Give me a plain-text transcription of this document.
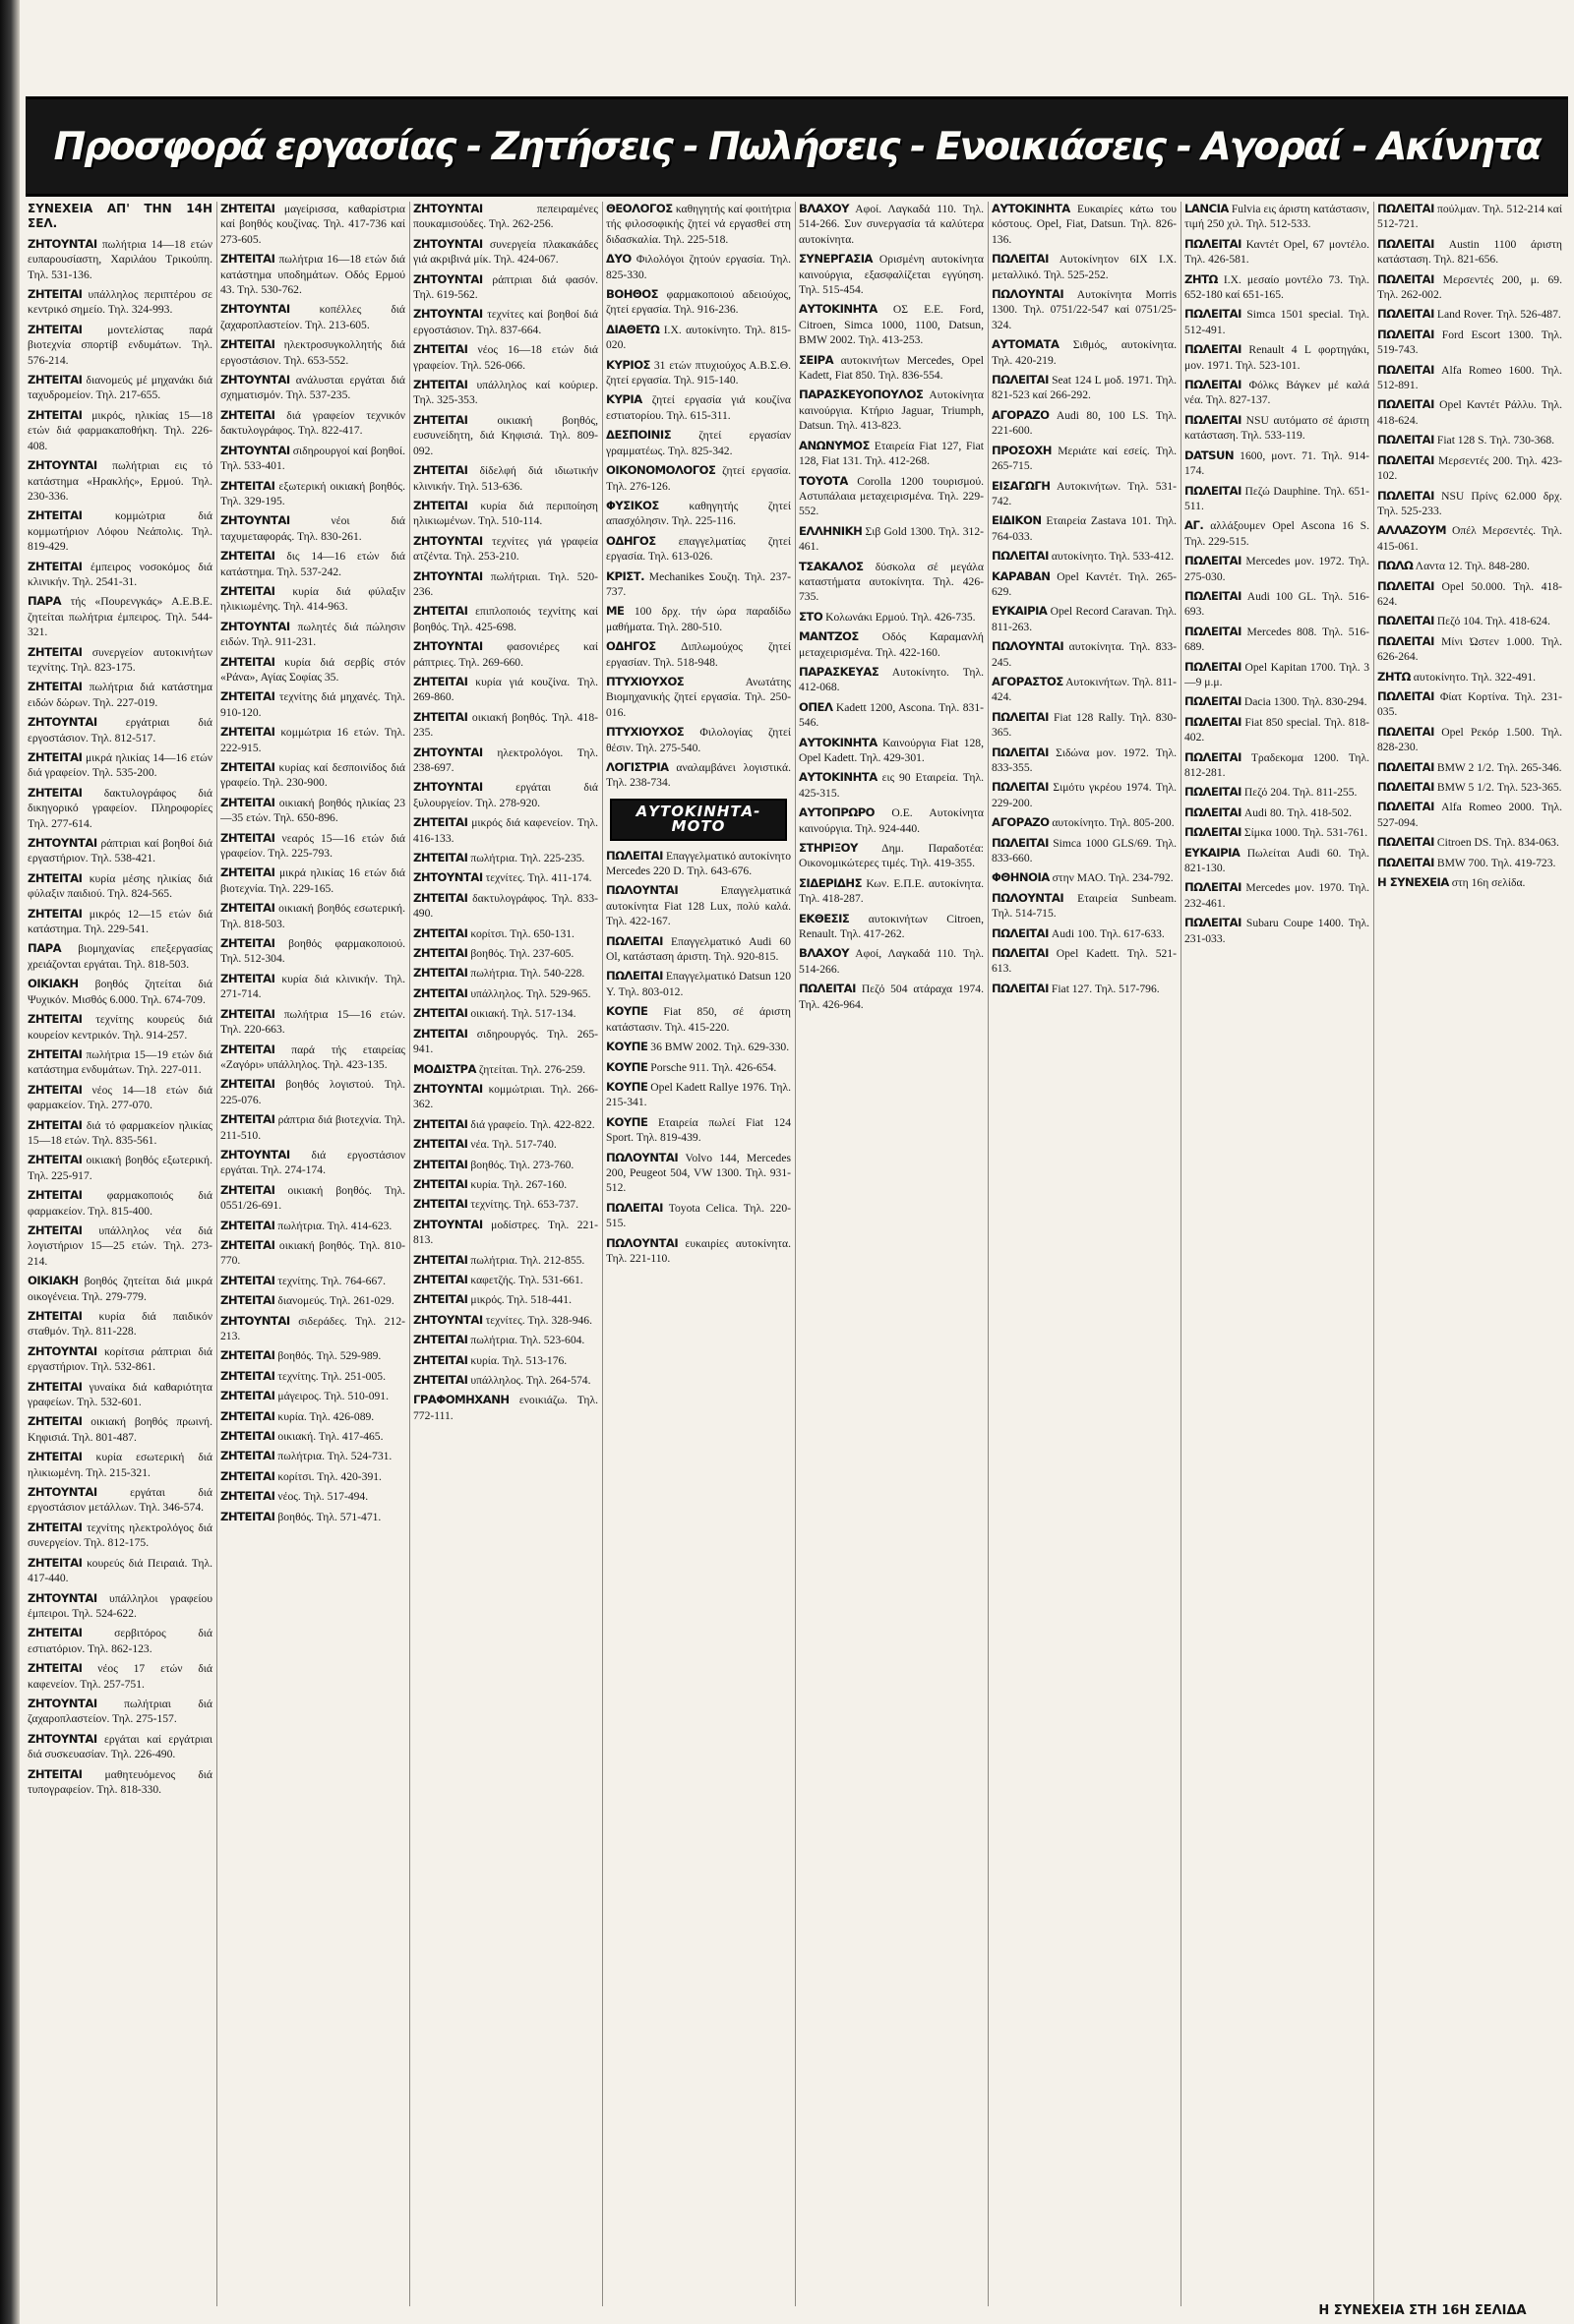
Προσφορά εργασίας - Ζητήσεις - Πωλήσεις - Ενοικιάσεις - Αγοραί - Ακίνητα
ΣΥΝΕΧΕΙΑ ΑΠ' ΤΗΝ 14Η ΣΕΛ.
ΖΗΤΟΥΝΤΑΙ πωλήτρια 14—18 ετών ευπαρουσίαστη, Χαριλάου Τρικούπη. Τηλ. 531-136.
ΖΗΤΕΙΤΑΙ υπάλληλος περιπτέρου σε κεντρικό σημείο. Τηλ. 324-993.
ΖΗΤΕΙΤΑΙ μοντελίστας παρά βιοτεχνία σπορτίβ ενδυμάτων. Τηλ. 576-214.
ΖΗΤΕΙΤΑΙ διανομεύς μέ μηχανάκι διά ταχυδρομείον. Τηλ. 217-655.
ΖΗΤΕΙΤΑΙ μικρός, ηλικίας 15—18 ετών διά φαρμακαποθήκη. Τηλ. 226-408.
ΖΗΤΟΥΝΤΑΙ πωλήτριαι εις τό κατάστημα «Ηρακλής», Ερμού. Τηλ. 230-336.
ΖΗΤΕΙΤΑΙ	κομμώτρια διά κομμωτήριον Λόφου Νεάπολις. Τηλ. 819-429.
ΖΗΤΕΙΤΑΙ έμπειρος νοσοκόμος διά κλινικήν. Τηλ. 2541-31.
ΠΑΡΑ τής «Πουρενγκάς» Α.Ε.Β.Ε. ζητείται πωλήτρια έμπειρος. Τηλ. 544-321.
ΖΗΤΕΙΤΑΙ συνεργείον αυτοκινήτων τεχνίτης. Τηλ. 823-175.
ΖΗΤΕΙΤΑΙ πωλήτρια διά κατάστημα ειδών δώρων. Τηλ. 227-019.
ΖΗΤΟΥΝΤΑΙ	εργάτριαι διά εργοστάσιον. Τηλ. 812-517.
ΖΗΤΕΙΤΑΙ μικρά ηλικίας 14—16 ετών διά γραφείον. Τηλ. 535-200.
ΖΗΤΕΙΤΑΙ δακτυλογράφος διά δικηγορικό γραφείον. Πληροφορίες Τηλ. 277-614.
ΖΗΤΟΥΝΤΑΙ ράπτριαι καί βοηθοί διά εργαστήριον. Τηλ. 538-421.
ΖΗΤΕΙΤΑΙ κυρία μέσης ηλικίας διά φύλαξιν παιδιού. Τηλ. 824-565.
ΖΗΤΕΙΤΑΙ μικρός 12—15 ετών διά κατάστημα. Τηλ. 229-541.
ΠΑΡΑ βιομηχανίας επεξεργασίας χρειάζονται εργάται. Τηλ. 818-503.
ΟΙΚΙΑΚΗ βοηθός ζητείται διά Ψυχικόν. Μισθός 6.000. Τηλ. 674-709.
ΖΗΤΕΙΤΑΙ τεχνίτης κουρεύς διά κουρείον κεντρικόν. Τηλ. 914-257.
ΖΗΤΕΙΤΑΙ πωλήτρια 15—19 ετών διά κατάστημα ενδυμάτων. Τηλ. 227-011.
ΖΗΤΕΙΤΑΙ νέος 14—18 ετών διά φαρμακείον. Τηλ. 277-070.
ΖΗΤΕΙΤΑΙ διά τό φαρμακείον ηλικίας 15—18 ετών. Τηλ. 835-561.
ΖΗΤΕΙΤΑΙ οικιακή βοηθός εξωτερική. Τηλ. 225-917.
ΖΗΤΕΙΤΑΙ φαρμακοποιός διά φαρμακείον. Τηλ. 815-400.
ΖΗΤΕΙΤΑΙ υπάλληλος νέα διά λογιστήριον 15—25 ετών. Τηλ. 273-214.
ΟΙΚΙΑΚΗ βοηθός ζητείται διά μικρά οικογένεια. Τηλ. 279-779.
ΖΗΤΕΙΤΑΙ κυρία διά παιδικόν σταθμόν. Τηλ. 811-228.
ΖΗΤΟΥΝΤΑΙ κορίτσια ράπτριαι διά εργαστήριον. Τηλ. 532-861.
ΖΗΤΕΙΤΑΙ γυναίκα διά καθαριότητα γραφείων. Τηλ. 532-601.
ΖΗΤΕΙΤΑΙ οικιακή βοηθός πρωινή. Κηφισιά. Τηλ. 801-487.
ΖΗΤΕΙΤΑΙ κυρία εσωτερική διά ηλικιωμένη. Τηλ. 215-321.
ΖΗΤΟΥΝΤΑΙ	εργάται διά εργοστάσιον μετάλλων. Τηλ. 346-574.
ΖΗΤΕΙΤΑΙ τεχνίτης ηλεκτρολόγος διά συνεργείον. Τηλ. 812-175.
ΖΗΤΕΙΤΑΙ κουρεύς διά Πειραιά. Τηλ. 417-440.
ΖΗΤΟΥΝΤΑΙ υπάλληλοι γραφείου έμπειροι. Τηλ. 524-622.
ΖΗΤΕΙΤΑΙ	σερβιτόρος διά εστιατόριον. Τηλ. 862-123.
ΖΗΤΕΙΤΑΙ νέος 17 ετών διά καφενείον. Τηλ. 257-751.
ΖΗΤΟΥΝΤΑΙ πωλήτριαι διά ζαχαροπλαστείον. Τηλ. 275-157.
ΖΗΤΟΥΝΤΑΙ εργάται καί εργάτριαι διά συσκευασίαν. Τηλ. 226-490.
ΖΗΤΕΙΤΑΙ μαθητευόμενος διά τυπογραφείον. Τηλ. 818-330.
ΖΗΤΕΙΤΑΙ μαγείρισσα, καθαρίστρια καί βοηθός κουζίνας. Τηλ. 417-736 καί 273-605.
ΖΗΤΕΙΤΑΙ πωλήτρια 16—18 ετών διά κατάστημα υποδημάτων. Οδός Ερμού 43. Τηλ. 530-762.
ΖΗΤΟΥΝΤΑΙ	κοπέλλες διά ζαχαροπλαστείον. Τηλ. 213-605.
ΖΗΤΕΙΤΑΙ ηλεκτροσυγκολλητής διά εργοστάσιον. Τηλ. 653-552.
ΖΗΤΟΥΝΤΑΙ ανάλυσται εργάται διά σχηματισμόν. Τηλ. 537-235.
ΖΗΤΕΙΤΑΙ διά γραφείον τεχνικόν δακτυλογράφος. Τηλ. 822-417.
ΖΗΤΟΥΝΤΑΙ σιδηρουργοί καί βοηθοί. Τηλ. 533-401.
ΖΗΤΕΙΤΑΙ εξωτερική οικιακή βοηθός. Τηλ. 329-195.
ΖΗΤΟΥΝΤΑΙ	νέοι διά ταχυμεταφοράς. Τηλ. 830-261.
ΖΗΤΕΙΤΑΙ δις 14—16 ετών διά κατάστημα. Τηλ. 537-242.
ΖΗΤΕΙΤΑΙ κυρία διά φύλαξιν ηλικιωμένης. Τηλ. 414-963.
ΖΗΤΟΥΝΤΑΙ πωλητές διά πώλησιν ειδών. Τηλ. 911-231.
ΖΗΤΕΙΤΑΙ κυρία διά σερβίς στόν «Ράνα», Αγίας Σοφίας 35.
ΖΗΤΕΙΤΑΙ τεχνίτης διά μηχανές. Τηλ. 910-120.
ΖΗΤΕΙΤΑΙ κομμώτρια 16 ετών. Τηλ. 222-915.
ΖΗΤΕΙΤΑΙ κυρίας καί δεσποινίδος διά γραφείο. Τηλ. 230-900.
ΖΗΤΕΙΤΑΙ οικιακή βοηθός ηλικίας 23—35 ετών. Τηλ. 650-896.
ΖΗΤΕΙΤΑΙ νεαρός 15—16 ετών διά γραφείον. Τηλ. 225-793.
ΖΗΤΕΙΤΑΙ μικρά ηλικίας 16 ετών διά βιοτεχνία. Τηλ. 229-165.
ΖΗΤΕΙΤΑΙ οικιακή βοηθός εσωτερική. Τηλ. 818-503.
ΖΗΤΕΙΤΑΙ βοηθός φαρμακοποιού. Τηλ. 512-304.
ΖΗΤΕΙΤΑΙ κυρία διά κλινικήν. Τηλ. 271-714.
ΖΗΤΕΙΤΑΙ πωλήτρια 15—16 ετών. Τηλ. 220-663.
ΖΗΤΕΙΤΑΙ παρά τής εταιρείας «Ζαγόρι» υπάλληλος. Τηλ. 423-135.
ΖΗΤΕΙΤΑΙ βοηθός λογιστού. Τηλ. 225-076.
ΖΗΤΕΙΤΑΙ ράπτρια διά βιοτεχνία. Τηλ. 211-510.
ΖΗΤΟΥΝΤΑΙ διά εργοστάσιον εργάται. Τηλ. 274-174.
ΖΗΤΕΙΤΑΙ οικιακή βοηθός. Τηλ. 0551/26-691.
ΖΗΤΕΙΤΑΙ πωλήτρια. Τηλ. 414-623.
ΖΗΤΕΙΤΑΙ οικιακή βοηθός. Τηλ. 810-770.
ΖΗΤΕΙΤΑΙ τεχνίτης. Τηλ. 764-667.
ΖΗΤΕΙΤΑΙ διανομεύς. Τηλ. 261-029.
ΖΗΤΟΥΝΤΑΙ σιδεράδες. Τηλ. 212-213.
ΖΗΤΕΙΤΑΙ βοηθός. Τηλ. 529-989.
ΖΗΤΕΙΤΑΙ τεχνίτης. Τηλ. 251-005.
ΖΗΤΕΙΤΑΙ μάγειρος. Τηλ. 510-091.
ΖΗΤΕΙΤΑΙ κυρία. Τηλ. 426-089.
ΖΗΤΕΙΤΑΙ οικιακή. Τηλ. 417-465.
ΖΗΤΕΙΤΑΙ πωλήτρια. Τηλ. 524-731.
ΖΗΤΕΙΤΑΙ κορίτσι. Τηλ. 420-391.
ΖΗΤΕΙΤΑΙ νέος. Τηλ. 517-494.
ΖΗΤΕΙΤΑΙ βοηθός. Τηλ. 571-471.
ΖΗΤΟΥΝΤΑΙ	πεπειραμένες πουκαμισούδες. Τηλ. 262-256.
ΖΗΤΟΥΝΤΑΙ συνεργεία πλακακάδες γιά ακριβινά μίκ. Τηλ. 424-067.
ΖΗΤΟΥΝΤΑΙ ράπτριαι διά φασόν. Τηλ. 619-562.
ΖΗΤΟΥΝΤΑΙ τεχνίτες καί βοηθοί διά εργοστάσιον. Τηλ. 837-664.
ΖΗΤΕΙΤΑΙ νέος 16—18 ετών διά γραφείον. Τηλ. 526-066.
ΖΗΤΕΙΤΑΙ υπάλληλος καί κούριερ. Τηλ. 325-353.
ΖΗΤΕΙΤΑΙ	οικιακή βοηθός, ευσυνείδητη, διά Κηφισιά. Τηλ. 809-092.
ΖΗΤΕΙΤΑΙ δίδελφή διά ιδιωτικήν κλινικήν. Τηλ. 513-636.
ΖΗΤΕΙΤΑΙ κυρία διά περιποίηση ηλικιωμένων. Τηλ. 510-114.
ΖΗΤΟΥΝΤΑΙ τεχνίτες γιά γραφεία ατζέντα. Τηλ. 253-210.
ΖΗΤΟΥΝΤΑΙ πωλήτριαι. Τηλ. 520-236.
ΖΗΤΕΙΤΑΙ επιπλοποιός τεχνίτης καί βοηθός. Τηλ. 425-698.
ΖΗΤΟΥΝΤΑΙ φασονιέρες καί ράπτριες. Τηλ. 269-660.
ΖΗΤΕΙΤΑΙ κυρία γιά κουζίνα. Τηλ. 269-860.
ΖΗΤΕΙΤΑΙ οικιακή βοηθός. Τηλ. 418-235.
ΖΗΤΟΥΝΤΑΙ ηλεκτρολόγοι. Τηλ. 238-697.
ΖΗΤΟΥΝΤΑΙ	εργάται διά ξυλουργείον. Τηλ. 278-920.
ΖΗΤΕΙΤΑΙ μικρός διά καφενείον. Τηλ. 416-133.
ΖΗΤΕΙΤΑΙ πωλήτρια. Τηλ. 225-235.
ΖΗΤΟΥΝΤΑΙ τεχνίτες. Τηλ. 411-174.
ΖΗΤΕΙΤΑΙ δακτυλογράφος. Τηλ. 833-490.
ΖΗΤΕΙΤΑΙ κορίτσι. Τηλ. 650-131.
ΖΗΤΕΙΤΑΙ βοηθός. Τηλ. 237-605.
ΖΗΤΕΙΤΑΙ πωλήτρια. Τηλ. 540-228.
ΖΗΤΕΙΤΑΙ υπάλληλος. Τηλ. 529-965.
ΖΗΤΕΙΤΑΙ οικιακή. Τηλ. 517-134.
ΖΗΤΕΙΤΑΙ σιδηρουργός. Τηλ. 265-941.
ΜΟΔΙΣΤΡΑ ζητείται. Τηλ. 276-259.
ΖΗΤΟΥΝΤΑΙ κομμώτριαι. Τηλ. 266-362.
ΖΗΤΕΙΤΑΙ διά γραφείο. Τηλ. 422-822.
ΖΗΤΕΙΤΑΙ νέα. Τηλ. 517-740.
ΖΗΤΕΙΤΑΙ βοηθός. Τηλ. 273-760.
ΖΗΤΕΙΤΑΙ κυρία. Τηλ. 267-160.
ΖΗΤΕΙΤΑΙ τεχνίτης. Τηλ. 653-737.
ΖΗΤΟΥΝΤΑΙ μοδίστρες. Τηλ. 221-813.
ΖΗΤΕΙΤΑΙ πωλήτρια. Τηλ. 212-855.
ΖΗΤΕΙΤΑΙ καφετζής. Τηλ. 531-661.
ΖΗΤΕΙΤΑΙ μικρός. Τηλ. 518-441.
ΖΗΤΟΥΝΤΑΙ τεχνίτες. Τηλ. 328-946.
ΖΗΤΕΙΤΑΙ πωλήτρια. Τηλ. 523-604.
ΖΗΤΕΙΤΑΙ κυρία. Τηλ. 513-176.
ΖΗΤΕΙΤΑΙ υπάλληλος. Τηλ. 264-574.
ΓΡΑΦΟΜΗΧΑΝΗ ενοικιάζω. Τηλ. 772-111.
ΘΕΟΛΟΓΟΣ καθηγητής καί φοιτήτρια τής φιλοσοφικής ζητεί νά εργασθεί στη διδασκαλία. Τηλ. 225-518.
ΔΥΟ Φιλολόγοι ζητούν εργασία. Τηλ. 825-330.
ΒΟΗΘΟΣ φαρμακοποιού αδειούχος, ζητεί εργασία. Τηλ. 916-236.
ΔΙΑΘΕΤΩ Ι.Χ. αυτοκίνητο. Τηλ. 815-020.
ΚΥΡΙΟΣ 31 ετών πτυχιούχος Α.Β.Σ.Θ. ζητεί εργασία. Τηλ. 915-140.
ΚΥΡΙΑ ζητεί εργασία γιά κουζίνα εστιατορίου. Τηλ. 615-311.
ΔΕΣΠΟΙΝΙΣ ζητεί εργασίαν γραμματέως. Τηλ. 825-342.
ΟΙΚΟΝΟΜΟΛΟΓΟΣ ζητεί εργασία. Τηλ. 276-126.
ΦΥΣΙΚΟΣ	καθηγητής ζητεί απασχόλησιν. Τηλ. 225-116.
ΟΔΗΓΟΣ επαγγελματίας ζητεί εργασία. Τηλ. 613-026.
ΚΡΙΣΤ. Mechanikes Σουζη. Τηλ. 237-737.
ΜΕ 100 δρχ. τήν ώρα παραδίδω μαθήματα. Τηλ. 280-510.
ΟΔΗΓΟΣ Διπλωμούχος ζητεί εργασίαν. Τηλ. 518-948.
ΠΤΥΧΙΟΥΧΟΣ	Ανωτάτης Βιομηχανικής ζητεί εργασία. Τηλ. 250-016.
ΠΤΥΧΙΟΥΧΟΣ Φιλολογίας ζητεί θέσιν. Τηλ. 275-540.
ΛΟΓΙΣΤΡΙΑ αναλαμβάνει λογιστικά. Τηλ. 238-734.
ΑΥΤΟΚΙΝΗΤΑ-ΜΟΤΟ
ΠΩΛΕΙΤΑΙ Επαγγελματικό αυτοκίνητο Mercedes 220 D. Τηλ. 643-676.
ΠΩΛΟΥΝΤΑΙ	Επαγγελματικά αυτοκίνητα Fiat 128 Lux, πολύ καλά. Τηλ. 422-167.
ΠΩΛΕΙΤΑΙ Επαγγελματικό Audi 60 Ol, κατάσταση άριστη. Τηλ. 920-815.
ΠΩΛΕΙΤΑΙ Επαγγελματικό Datsun 120 Y. Τηλ. 803-012.
ΚΟΥΠΕ Fiat 850, σέ άριστη κατάστασιν. Τηλ. 415-220.
ΚΟΥΠΕ 36 BMW 2002. Τηλ. 629-330.
ΚΟΥΠΕ Porsche 911. Τηλ. 426-654.
ΚΟΥΠΕ Opel Kadett Rallye 1976. Τηλ. 215-341.
ΚΟΥΠΕ Εταιρεία πωλεί Fiat 124 Sport. Τηλ. 819-439.
ΠΩΛΟΥΝΤΑΙ Volvo 144, Mercedes 200, Peugeot 504, VW 1300. Τηλ. 931-512.
ΠΩΛΕΙΤΑΙ Toyota Celica. Τηλ. 220-515.
ΠΩΛΟΥΝΤΑΙ ευκαιρίες αυτοκίνητα. Τηλ. 221-110.
ΒΛΑΧΟΥ Αφοί. Λαγκαδά 110. Τηλ. 514-266. Συν συνεργασία τά καλύτερα αυτοκίνητα.
ΣΥΝΕΡΓΑΣΙΑ Ορισμένη αυτοκίνητα καινούργια, εξασφαλίζεται εγγύηση. Τηλ. 515-454.
ΑΥΤΟΚΙΝΗΤΑ ΟΣ Ε.Ε. Ford, Citroen, Simca 1000, 1100, Datsun, BMW 2002. Τηλ. 413-253.
ΣΕΙΡΑ αυτοκινήτων Mercedes, Opel Kadett, Fiat 850. Τηλ. 836-554.
ΠΑΡΑΣΚΕΥΟΠΟΥΛΟΣ Αυτοκίνητα καινούργια. Κτήριο Jaguar, Triumph, Datsun. Τηλ. 413-823.
ΑΝΩΝΥΜΟΣ Εταιρεία Fiat 127, Fiat 128, Fiat 131. Τηλ. 412-268.
ΤΟΥΟΤΑ Corolla 1200 τουρισμού. Αστυπάλαια μεταχειρισμένα. Τηλ. 229-552.
ΕΛΛΗΝΙΚΗ Σιβ Gold 1300. Τηλ. 312-461.
ΤΣΑΚΑΛΟΣ δύσκολα σέ μεγάλα καταστήματα αυτοκίνητα. Τηλ. 426-735.
ΣΤΟ Κολωνάκι Ερμού. Τηλ. 426-735.
ΜΑΝΤΖΟΣ Οδός Καραμανλή μεταχειρισμένα. Τηλ. 422-160.
ΠΑΡΑΣΚΕΥΑΣ Αυτοκίνητο. Τηλ. 412-068.
ΟΠΕΛ Kadett 1200, Ascona. Τηλ. 831-546.
ΑΥΤΟΚΙΝΗΤΑ Καινούργια Fiat 128, Opel Kadett. Τηλ. 429-301.
ΑΥΤΟΚΙΝΗΤΑ εις 90 Εταιρεία. Τηλ. 425-315.
ΑΥΤΟΠΡΩΡΟ Ο.Ε. Αυτοκίνητα καινούργια. Τηλ. 924-440.
ΣΤΗΡΙΞΟΥ Δημ. Παραδοτέα: Οικονομικώτερες τιμές. Τηλ. 419-355.
ΣΙΔΕΡΙΔΗΣ Κων. Ε.Π.Ε. αυτοκίνητα. Τηλ. 418-287.
ΕΚΘΕΣΙΣ αυτοκινήτων Citroen, Renault. Τηλ. 417-262.
ΒΛΑΧΟΥ Αφοί, Λαγκαδά 110. Τηλ. 514-266.
ΠΩΛΕΙΤΑΙ Πεζό 504 ατάραχα 1974. Τηλ. 426-964.
ΑΥΤΟΚΙΝΗΤΑ Ευκαιρίες κάτω του κόστους. Opel, Fiat, Datsun. Τηλ. 826-136.
ΠΩΛΕΙΤΑΙ Αυτοκίνητον 6IX Ι.Χ. μεταλλικό. Τηλ. 525-252.
ΠΩΛΟΥΝΤΑΙ Αυτοκίνητα Morris 1300. Τηλ. 0751/22-547 καί 0751/25-324.
ΑΥΤΟΜΑΤΑ Σιθμός, αυτοκίνητα. Τηλ. 420-219.
ΠΩΛΕΙΤΑΙ Seat 124 L μοδ. 1971. Τηλ. 821-523 καί 266-292.
ΑΓΟΡΑΖΟ Audi 80, 100 LS. Τηλ. 221-600.
ΠΡΟΣΟΧΗ Μεριάτε καί εσείς. Τηλ. 265-715.
ΕΙΣΑΓΩΓΗ Αυτοκινήτων. Τηλ. 531-742.
ΕΙΔΙΚΟΝ Εταιρεία Zastava 101. Τηλ. 764-033.
ΠΩΛΕΙΤΑΙ αυτοκίνητο. Τηλ. 533-412.
ΚΑΡΑΒΑΝ Opel Καντέτ. Τηλ. 265-629.
ΕΥΚΑΙΡΙΑ Opel Record Caravan. Τηλ. 811-263.
ΠΩΛΟΥΝΤΑΙ αυτοκίνητα. Τηλ. 833-245.
ΑΓΟΡΑΣΤΟΣ Αυτοκινήτων. Τηλ. 811-424.
ΠΩΛΕΙΤΑΙ Fiat 128 Rally. Τηλ. 830-365.
ΠΩΛΕΙΤΑΙ Σιδώνα μον. 1972. Τηλ. 833-355.
ΠΩΛΕΙΤΑΙ Σιμότυ γκρέου 1974. Τηλ. 229-200.
ΑΓΟΡΑΖΟ αυτοκίνητο. Τηλ. 805-200.
ΠΩΛΕΙΤΑΙ Simca 1000 GLS/69. Τηλ. 833-660.
ΦΘΗΝΟΙΑ στην ΜΑΟ. Τηλ. 234-792.
ΠΩΛΟΥΝΤΑΙ Εταιρεία Sunbeam. Τηλ. 514-715.
ΠΩΛΕΙΤΑΙ Audi 100. Τηλ. 617-633.
ΠΩΛΕΙΤΑΙ Opel Kadett. Τηλ. 521-613.
ΠΩΛΕΙΤΑΙ Fiat 127. Τηλ. 517-796.
LANCIA Fulvia εις άριστη κατάστασιν, τιμή 250 χιλ. Τηλ. 512-533.
ΠΩΛΕΙΤΑΙ Καντέτ Opel, 67 μοντέλο. Τηλ. 426-581.
ΖΗΤΩ Ι.Χ. μεσαίο μοντέλο 73. Τηλ. 652-180 καί 651-165.
ΠΩΛΕΙΤΑΙ Simca 1501 special. Τηλ. 512-491.
ΠΩΛΕΙΤΑΙ Renault 4 L φορτηγάκι, μον. 1971. Τηλ. 523-101.
ΠΩΛΕΙΤΑΙ Φόλκς Βάγκεν μέ καλά νέα. Τηλ. 827-137.
ΠΩΛΕΙΤΑΙ NSU αυτόματο σέ άριστη κατάσταση. Τηλ. 533-119.
DATSUN 1600, μοντ. 71. Τηλ. 914-174.
ΠΩΛΕΙΤΑΙ Πεζώ Dauphine. Τηλ. 651-511.
ΑΓ. αλλάξουμεν Opel Ascona 16 S. Τηλ. 229-515.
ΠΩΛΕΙΤΑΙ Mercedes μον. 1972. Τηλ. 275-030.
ΠΩΛΕΙΤΑΙ Audi 100 GL. Τηλ. 516-693.
ΠΩΛΕΙΤΑΙ Mercedes 808. Τηλ. 516-689.
ΠΩΛΕΙΤΑΙ Opel Kapitan 1700. Τηλ. 3—9 μ.μ.
ΠΩΛΕΙΤΑΙ Dacia 1300. Τηλ. 830-294.
ΠΩΛΕΙΤΑΙ Fiat 850 special. Τηλ. 818-402.
ΠΩΛΕΙΤΑΙ Τραδεκομα 1200. Τηλ. 812-281.
ΠΩΛΕΙΤΑΙ Πεζό 204. Τηλ. 811-255.
ΠΩΛΕΙΤΑΙ Audi 80. Τηλ. 418-502.
ΠΩΛΕΙΤΑΙ Σίμκα 1000. Τηλ. 531-761.
ΕΥΚΑΙΡΙΑ Πωλείται Audi 60. Τηλ. 821-130.
ΠΩΛΕΙΤΑΙ Mercedes μον. 1970. Τηλ. 232-461.
ΠΩΛΕΙΤΑΙ Subaru Coupe 1400. Τηλ. 231-033.
ΠΩΛΕΙΤΑΙ πούλμαν. Τηλ. 512-214 καί 512-721.
ΠΩΛΕΙΤΑΙ Austin 1100 άριστη κατάσταση. Τηλ. 821-656.
ΠΩΛΕΙΤΑΙ Μερσεντές 200, μ. 69. Τηλ. 262-002.
ΠΩΛΕΙΤΑΙ Land Rover. Τηλ. 526-487.
ΠΩΛΕΙΤΑΙ Ford Escort 1300. Τηλ. 519-743.
ΠΩΛΕΙΤΑΙ Alfa Romeo 1600. Τηλ. 512-891.
ΠΩΛΕΙΤΑΙ Opel Καντέτ Ράλλυ. Τηλ. 418-624.
ΠΩΛΕΙΤΑΙ Fiat 128 S. Τηλ. 730-368.
ΠΩΛΕΙΤΑΙ Μερσεντές 200. Τηλ. 423-102.
ΠΩΛΕΙΤΑΙ NSU Πρίνς 62.000 δρχ. Τηλ. 525-233.
ΑΛΛΑΖΟΥΜ Οπέλ Μερσεντές. Τηλ. 415-061.
ΠΩΛΩ Λαντα 12. Τηλ. 848-280.
ΠΩΛΕΙΤΑΙ Opel 50.000. Τηλ. 418-624.
ΠΩΛΕΙΤΑΙ Πεζό 104. Τηλ. 418-624.
ΠΩΛΕΙΤΑΙ Μίνι Ώστεν 1.000. Τηλ. 626-264.
ΖΗΤΩ αυτοκίνητο. Τηλ. 322-491.
ΠΩΛΕΙΤΑΙ Φίατ Κορτίνα. Τηλ. 231-035.
ΠΩΛΕΙΤΑΙ Opel Ρεκόρ 1.500. Τηλ. 828-230.
ΠΩΛΕΙΤΑΙ BMW 2 1/2. Τηλ. 265-346.
ΠΩΛΕΙΤΑΙ BMW 5 1/2. Τηλ. 523-365.
ΠΩΛΕΙΤΑΙ Alfa Romeo 2000. Τηλ. 527-094.
ΠΩΛΕΙΤΑΙ Citroen DS. Τηλ. 834-063.
ΠΩΛΕΙΤΑΙ BMW 700. Τηλ. 419-723.
Η ΣΥΝΕΧΕΙΑ στη 16η σελίδα.
Η ΣΥΝΕΧΕΙΑ ΣΤΗ 16Η ΣΕΛΙΔΑ
